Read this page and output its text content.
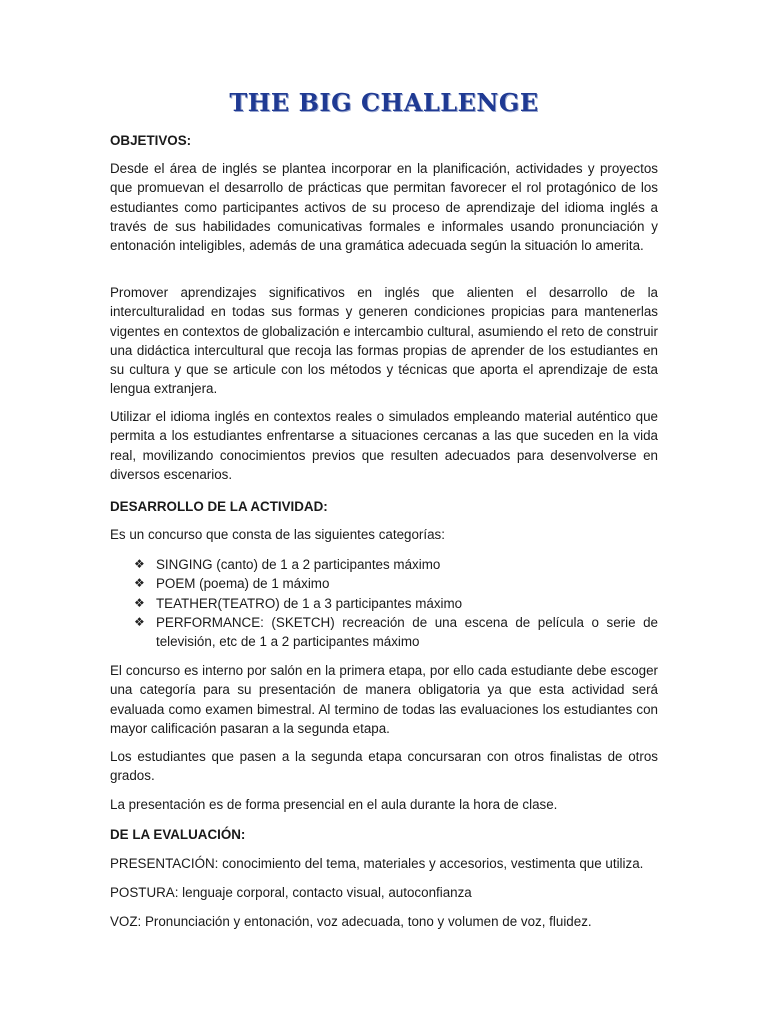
THE BIG CHALLENGE

OBJETIVOS:

Desde el área de inglés se plantea incorporar en la planificación, actividades y proyectos que promuevan el desarrollo de prácticas que permitan favorecer el rol protagónico de los estudiantes como participantes activos de su proceso de aprendizaje del idioma inglés a través de sus habilidades comunicativas formales e informales usando pronunciación y entonación inteligibles, además de una gramática adecuada según la situación lo amerita.

Promover aprendizajes significativos en inglés que alienten el desarrollo de la interculturalidad en todas sus formas y generen condiciones propicias para mantenerlas vigentes en contextos de globalización e intercambio cultural, asumiendo el reto de construir una didáctica intercultural que recoja las formas propias de aprender de los estudiantes en su cultura y que se articule con los métodos y técnicas que aporta el aprendizaje de esta lengua extranjera.

Utilizar el idioma inglés en contextos reales o simulados empleando material auténtico que permita a los estudiantes enfrentarse a situaciones cercanas a las que suceden en la vida real, movilizando conocimientos previos que resulten adecuados para desenvolverse en diversos escenarios.

DESARROLLO DE LA ACTIVIDAD:

Es un concurso que consta de las siguientes categorías:

❖ SINGING (canto) de 1 a 2 participantes máximo
❖ POEM (poema) de 1 máximo
❖ TEATHER(TEATRO) de 1 a 3 participantes máximo
❖ PERFORMANCE: (SKETCH) recreación de una escena de película o serie de televisión, etc de 1 a 2 participantes máximo

El concurso es interno por salón en la primera etapa, por ello cada estudiante debe escoger una categoría para su presentación de manera obligatoria ya que esta actividad será evaluada como examen bimestral. Al termino de todas las evaluaciones los estudiantes con mayor calificación pasaran a la segunda etapa.

Los estudiantes que pasen a la segunda etapa concursaran con otros finalistas de otros grados.

La presentación es de forma presencial en el aula durante la hora de clase.

DE LA EVALUACIÓN:

PRESENTACIÓN: conocimiento del tema, materiales y accesorios, vestimenta que utiliza.

POSTURA: lenguaje corporal, contacto visual, autoconfianza

VOZ: Pronunciación y entonación, voz adecuada, tono y volumen de voz, fluidez.
